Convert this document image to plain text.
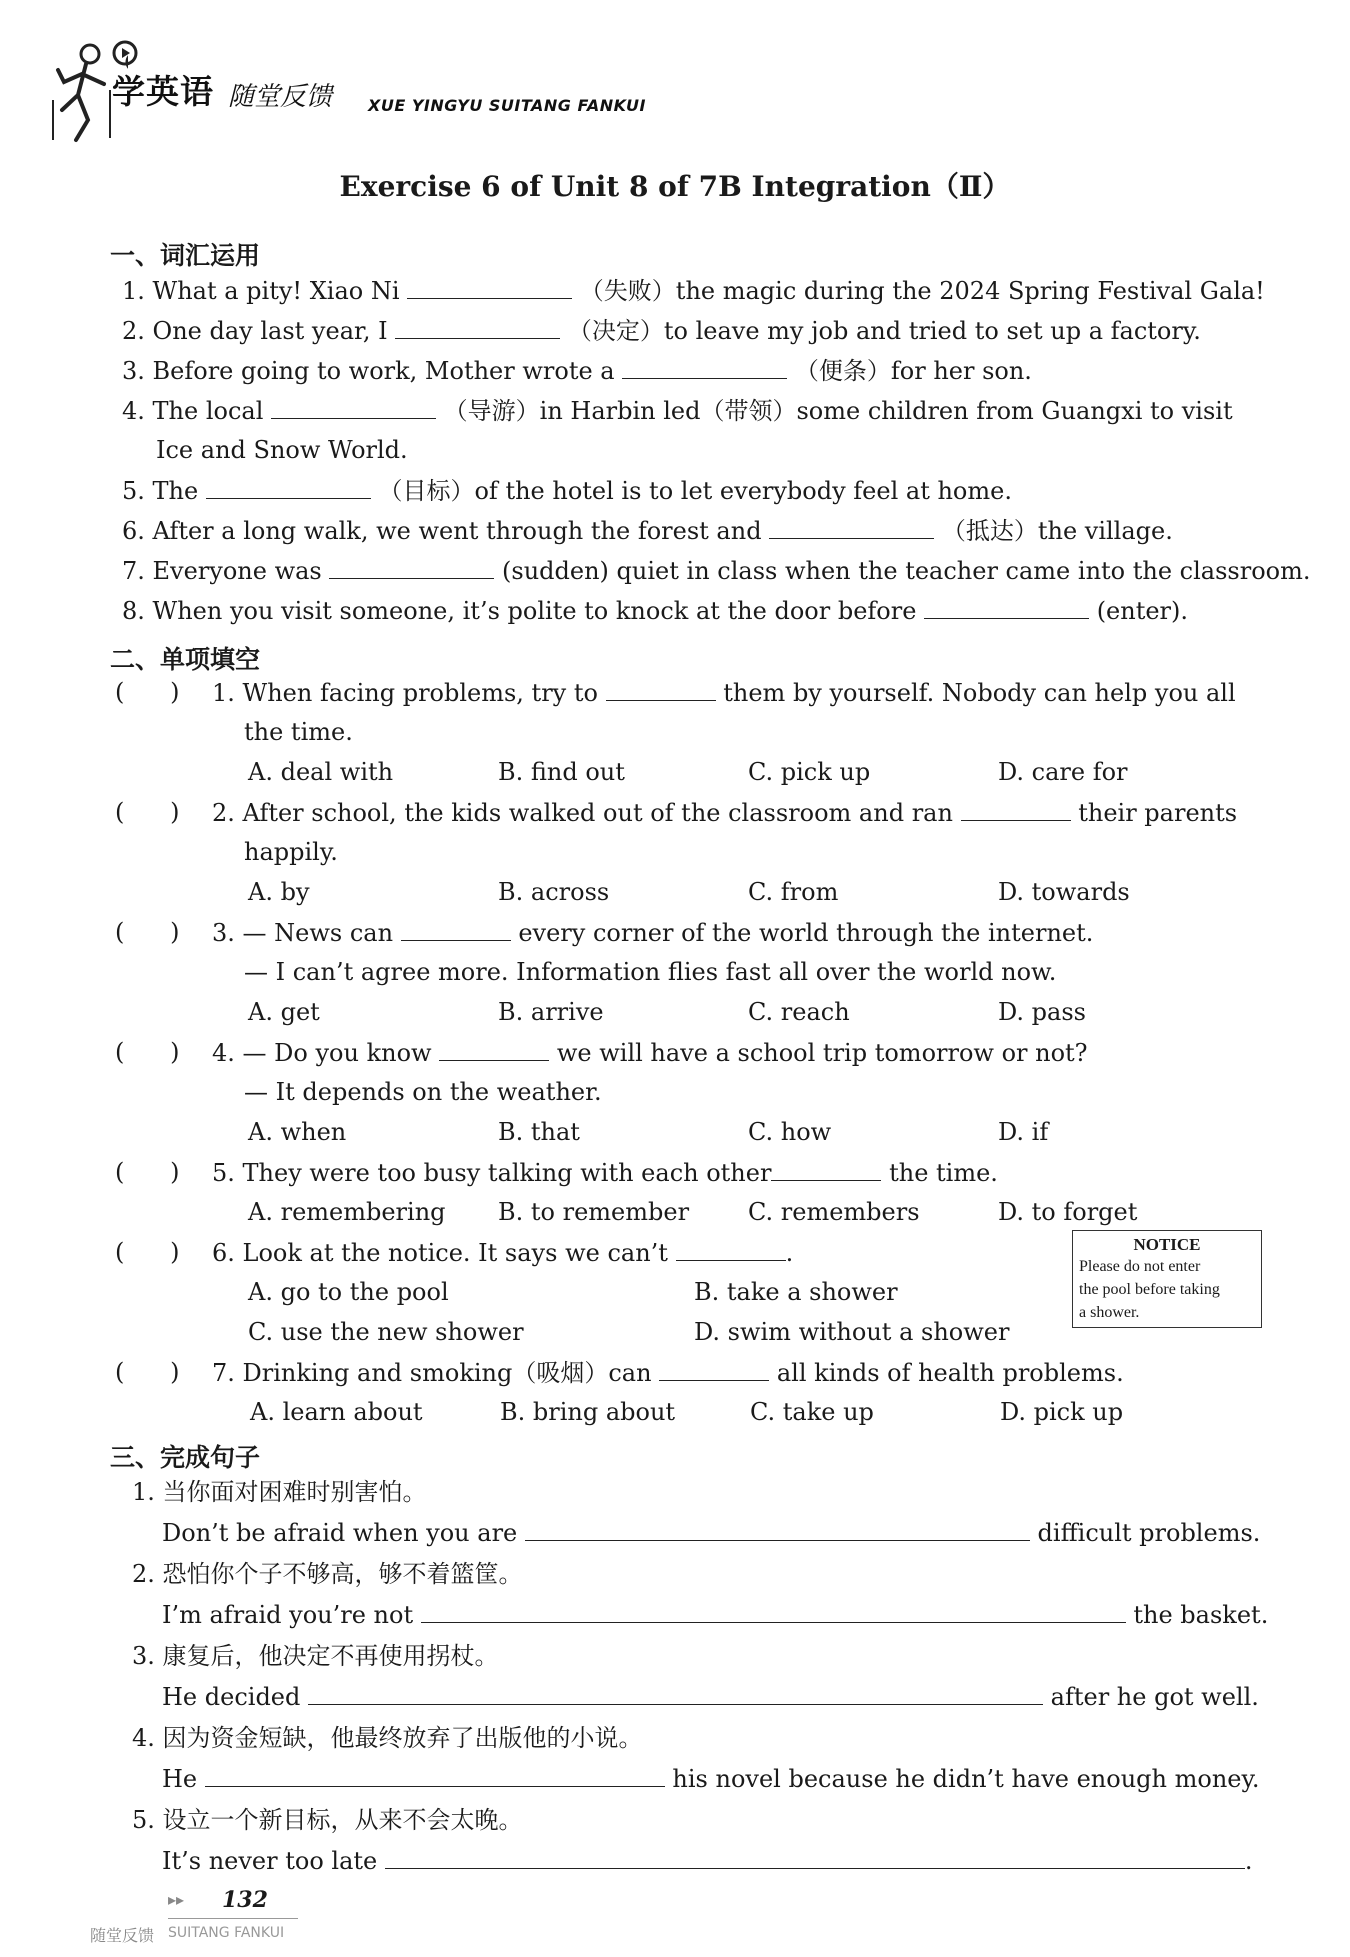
学英语 随堂反馈 XUE YINGYU SUITANG FANKUI
Exercise 6 of Unit 8 of 7B Integration（Ⅱ）
一、词汇运用
1. What a pity! Xiao Ni	（失败）the magic during the 2024 Spring Festival Gala!
2. One day last year, I	（决定）to leave my job and tried to set up a factory.
3. Before going to work, Mother wrote a	（便条）for her son.
4. The local	（导游）in Harbin led（带领）some children from Guangxi to visit
Ice and Snow World.
5. The	（目标）of the hotel is to let everybody feel at home.
6. After a long walk, we went through the forest and	（抵达）the village.
7. Everyone was	(sudden) quiet in class when the teacher came into the classroom.
8. When you visit someone, it’s polite to knock at the door before	(enter).
二、单项填空
(      ) 1. When facing problems, try to	them by yourself. Nobody can help you all
the time.
A. deal with	B. find out	C. pick up	D. care for
(      ) 2. After school, the kids walked out of the classroom and ran	their parents
happily.
A. by	B. across	C. from	D. towards
(      ) 3. — News can	every corner of the world through the internet.
— I can’t agree more. Information flies fast all over the world now.
A. get	B. arrive	C. reach	D. pass
(      ) 4. — Do you know	we will have a school trip tomorrow or not?
— It depends on the weather.
A. when	B. that	C. how	D. if
(      ) 5. They were too busy talking with each other	the time.
A. remembering B. to remember C. remembers	D. to forget
(      ) 6. Look at the notice. It says we can’t	.
A. go to the pool	B. take a shower
C. use the new shower	D. swim without a shower
NOTICE
Please do not enter
the pool before taking
a shower.
(      ) 7. Drinking and smoking（吸烟）can	all kinds of health problems.
A. learn about	B. bring about	C. take up	D. pick up
三、完成句子
1. 当你面对困难时别害怕。
Don’t be afraid when you are	difficult problems.
2. 恐怕你个子不够高，够不着篮筐。
I’m afraid you’re not	the basket.
3. 康复后，他决定不再使用拐杖。
He decided	after he got well.
4. 因为资金短缺，他最终放弃了出版他的小说。
He	his novel because he didn’t have enough money.
5. 设立一个新目标，从来不会太晚。
It’s never too late	.
▸▸ 132
随堂反馈 SUITANG FANKUI
